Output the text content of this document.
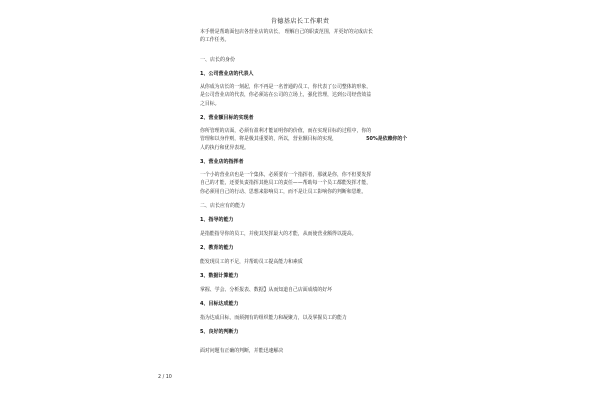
肯德基店长工作职责
本手册是帮助面包店各营业店的店长， 理解自己的职责范围，并更好的完成店长
的工作任务。
一、店长的身份
1、公司营业店的代表人
从你成为店长的一刻起，你不再是一名普通的员工，你代表了公司整体的形象，
是公司营业店的代表，你必须站在公司的立场上，强化管理，达到公司经营效益
之目标。
2、营业额目标的实现者
你所管理的店面，必须有盈利才能证明你的价值，而在实现目标的过程中，你的
管理和以身作则，将是极其重要的，所以，营业额目标的实现，	50%是依赖你的个
人的执行和优异表现。
3、营业店的指挥者
一个小的营业店也是一个集体，必须要有一个指挥者，那就是你，你不但要发挥
自己的才能，还要负责指挥其他员工的责任——帮助每一个员工都能发挥才能，
你必须用自己的行动、思想来影响员工，而不是让员工影响你的判断和思维。
二、店长应有的能力
1、指导的能力
是指能指导你的员工，并使其发挥最大的才能，从而使营业额得以提高。
2、教育的能力
能发现员工的不足，并帮助员工提高能力和素质
3、数据计算能力
掌握、学会、分析报表、数据】从而知道自己店面成绩的好坏
4、目标达成能力
指为达成目标，而须拥有的组织能力和凝聚力，以及掌握员工的能力
5、良好的判断力
面对问题有正确的判断，并能迅速解决
2 / 10
